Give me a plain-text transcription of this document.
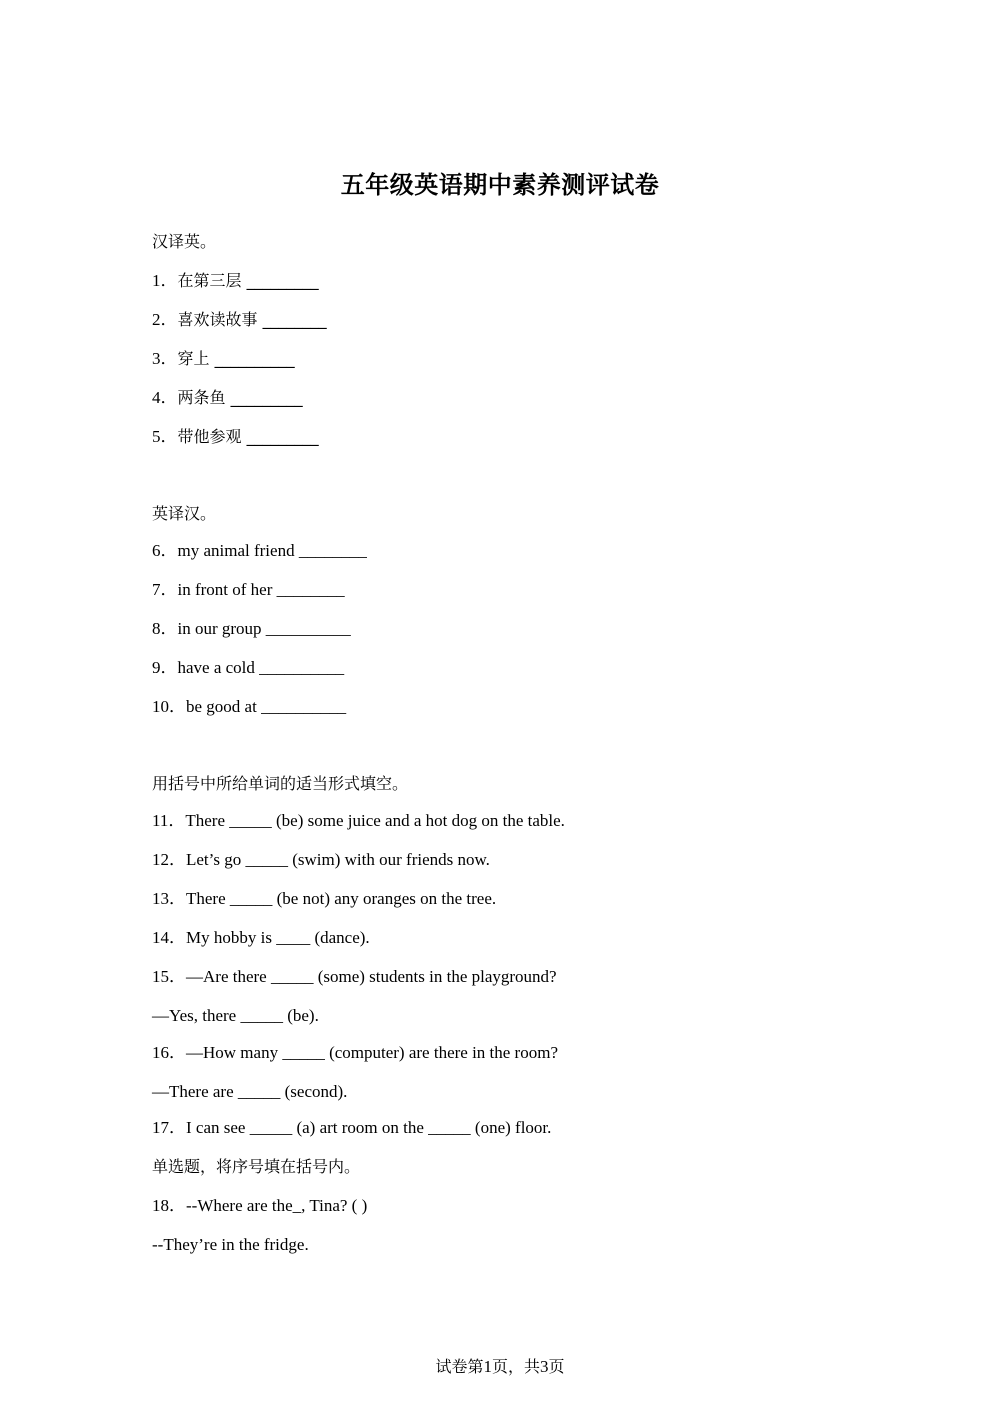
五年级英语期中素养测评试卷
汉译英。
1．在第三层 _________
2．喜欢读故事 ________
3．穿上 __________
4．两条鱼 _________
5．带他参观 _________
英译汉。
6．my animal friend ________
7．in front of her ________
8．in our group __________
9．have a cold __________
10．be good at __________
用括号中所给单词的适当形式填空。
11．There _____ (be) some juice and a hot dog on the table.
12．Let’s go _____ (swim) with our friends now.
13．There _____ (be not) any oranges on the tree.
14．My hobby is ____ (dance).
15．—Are there _____ (some) students in the playground?
—Yes, there _____ (be).
16．—How many _____ (computer) are there in the room?
—There are _____ (second).
17．I can see _____ (a) art room on the _____ (one) floor.
单选题，将序号填在括号内。
18．--Where are the_, Tina? ( )
--They’re in the fridge.
试卷第1页，共3页
